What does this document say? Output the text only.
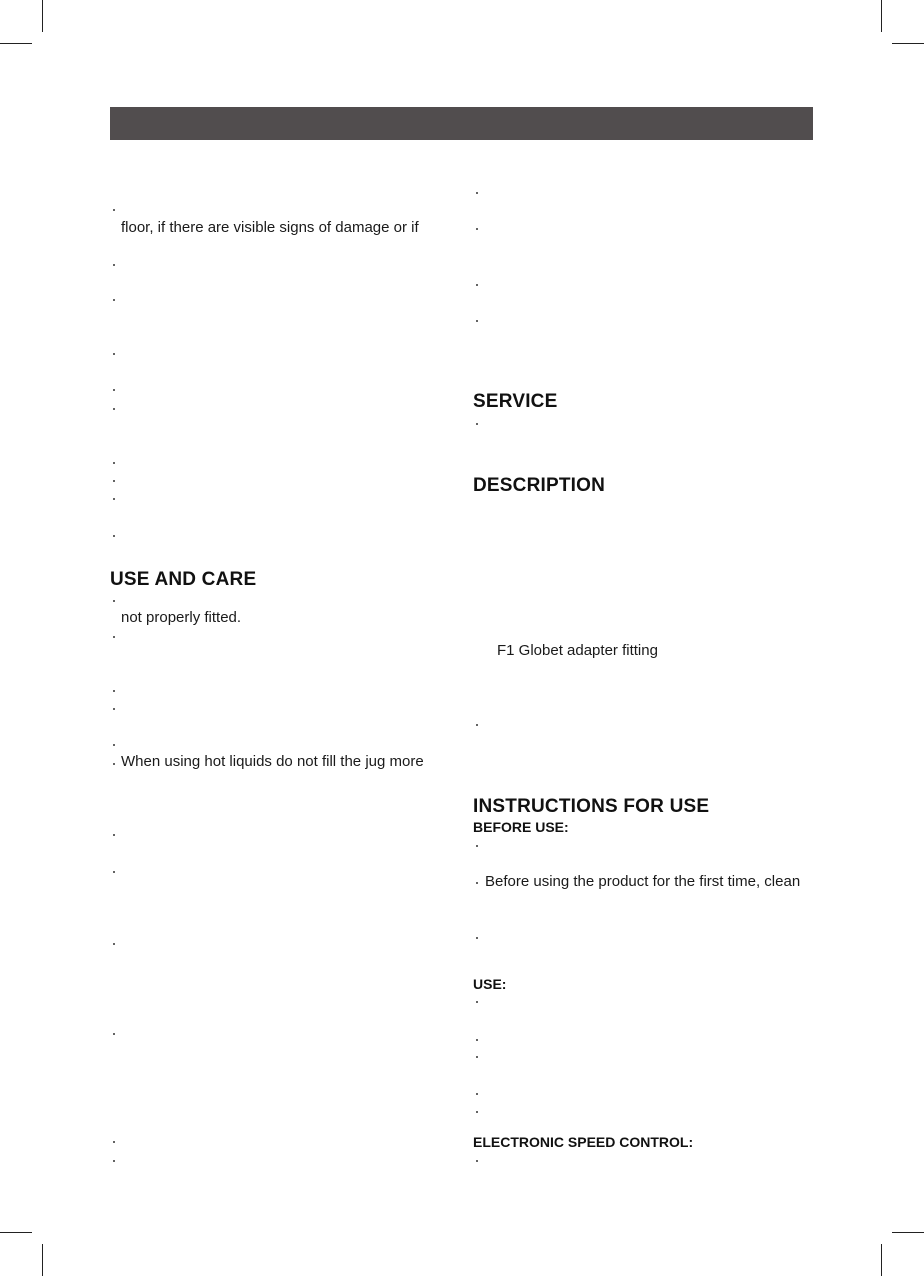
floor, if there are visible signs of damage or if
USE AND CARE
not properly fitted.
When using hot liquids do not fill the jug more
SERVICE
DESCRIPTION
F1 Globet adapter fitting
INSTRUCTIONS FOR USE
BEFORE USE:
Before using the product for the first time, clean
USE:
ELECTRONIC SPEED CONTROL:
